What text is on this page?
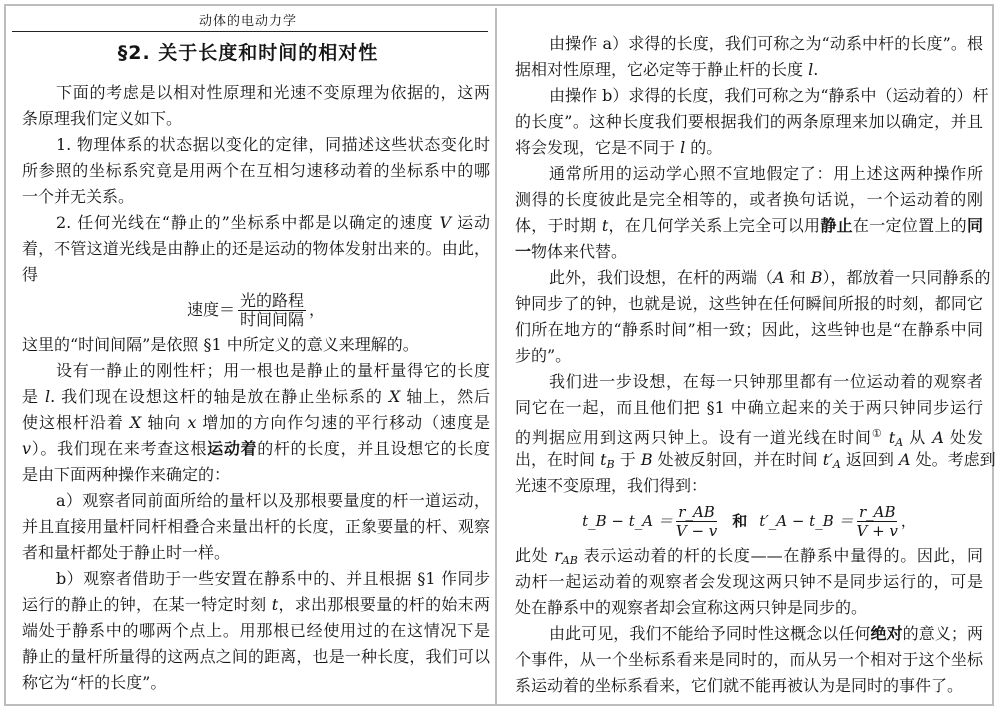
动体的电动力学
§2. 关于长度和时间的相对性
下面的考虑是以相对性原理和光速不变原理为依据的，这两
条原理我们定义如下。
1. 物理体系的状态据以变化的定律，同描述这些状态变化时
所参照的坐标系究竟是用两个在互相匀速移动着的坐标系中的哪
一个并无关系。
2. 任何光线在“静止的”坐标系中都是以确定的速度 V 运动
着，不管这道光线是由静止的还是运动的物体发射出来的。由此，
得
速度＝ $\frac{\text{光的路程}}{\text{时间间隔}}$ ，
这里的“时间间隔”是依照 §1 中所定义的意义来理解的。
设有一静止的刚性杆；用一根也是静止的量杆量得它的长度
是 l. 我们现在设想这杆的轴是放在静止坐标系的 X 轴上，然后
使这根杆沿着 X 轴向 x 增加的方向作匀速的平行移动（速度是
v）。我们现在来考查这根运动着的杆的长度，并且设想它的长度
是由下面两种操作来确定的：
a）观察者同前面所给的量杆以及那根要量度的杆一道运动，
并且直接用量杆同杆相叠合来量出杆的长度，正象要量的杆、观察
者和量杆都处于静止时一样。
b）观察者借助于一些安置在静系中的、并且根据 §1 作同步
运行的静止的钟，在某一特定时刻 t，求出那根要量的杆的始末两
端处于静系中的哪两个点上。用那根已经使用过的在这情况下是
静止的量杆所量得的这两点之间的距离，也是一种长度，我们可以
称它为“杆的长度”。
由操作 a）求得的长度，我们可称之为“动系中杆的长度”。根
据相对性原理，它必定等于静止杆的长度 l.
由操作 b）求得的长度，我们可称之为“静系中（运动着的）杆
的长度”。这种长度我们要根据我们的两条原理来加以确定，并且
将会发现，它是不同于 l 的。
通常所用的运动学心照不宣地假定了：用上述这两种操作所
测得的长度彼此是完全相等的，或者换句话说，一个运动着的刚
体，于时期 t，在几何学关系上完全可以用静止在一定位置上的同
一物体来代替。
此外，我们设想，在杆的两端（A 和 B），都放着一只同静系的
钟同步了的钟，也就是说，这些钟在任何瞬间所报的时刻，都同它
们所在地方的“静系时间”相一致；因此，这些钟也是“在静系中同
步的”。
我们进一步设想，在每一只钟那里都有一位运动着的观察者
同它在一起，而且他们把 §1 中确立起来的关于两只钟同步运行
的判据应用到这两只钟上。设有一道光线在时间① $t_A$ 从 A 处发
出，在时间 $t_B$ 于 B 处被反射回，并在时间 $t'_A$ 返回到 A 处。考虑到
光速不变原理，我们得到：
t_B − t_A ＝ $\frac{r\_AB}{V - v}$ 和 t′_A − t_B ＝ $\frac{r\_AB}{V + v}$ ，
此处 $r_{AB}$ 表示运动着的杆的长度——在静系中量得的。因此，同
动杆一起运动着的观察者会发现这两只钟不是同步运行的，可是
处在静系中的观察者却会宣称这两只钟是同步的。
由此可见，我们不能给予同时性这概念以任何绝对的意义；两
个事件，从一个坐标系看来是同时的，而从另一个相对于这个坐标
系运动着的坐标系看来，它们就不能再被认为是同时的事件了。
